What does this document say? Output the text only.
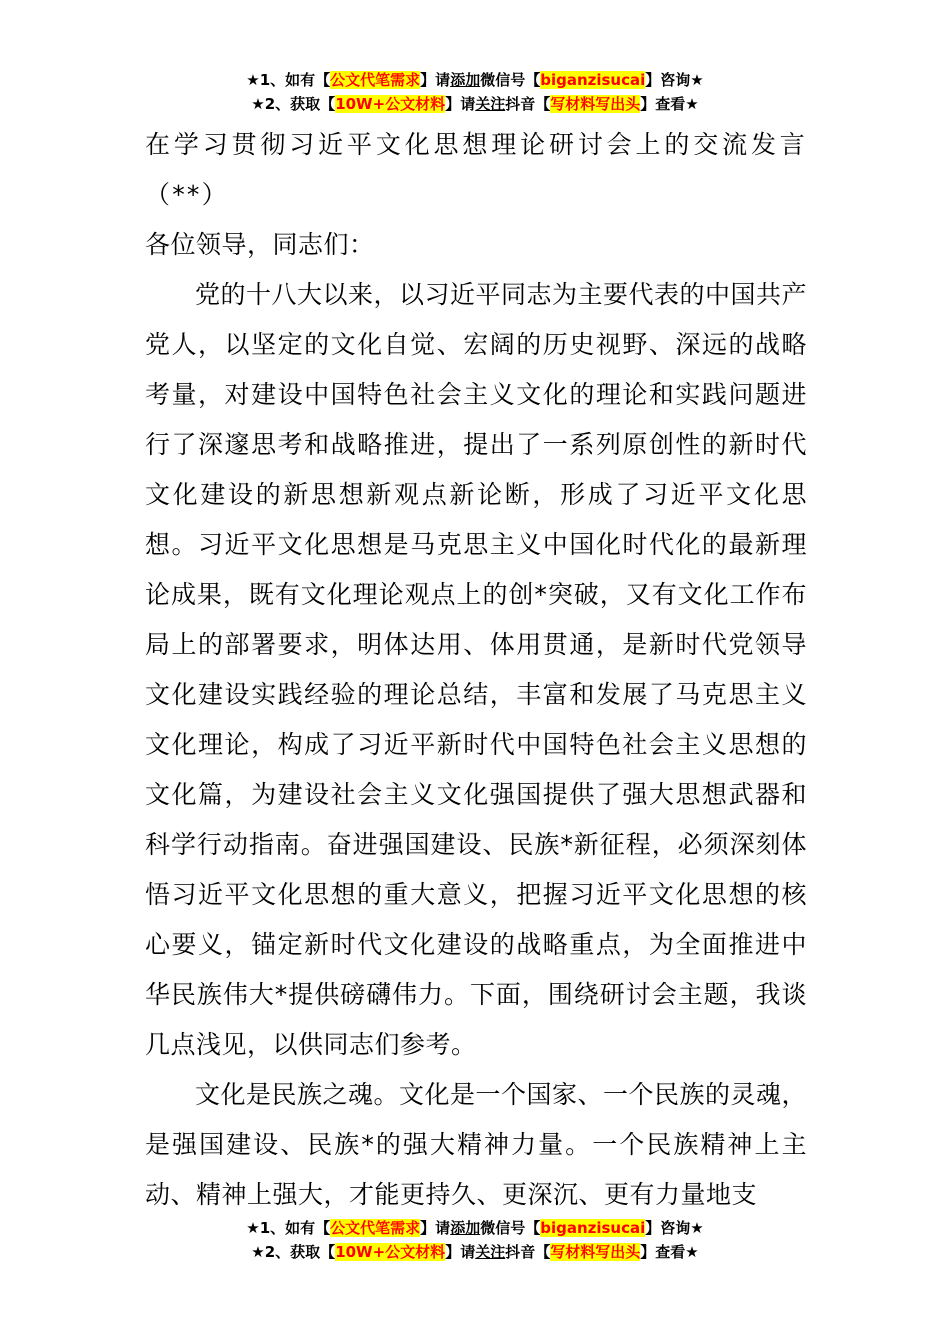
★1、如有【公文代笔需求】请添加微信号【biganzisucai】咨询★
★2、获取【10W+公文材料】请关注抖音【写材料写出头】查看★

在学习贯彻习近平文化思想理论研讨会上的交流发言（**）

各位领导，同志们：

党的十八大以来，以习近平同志为主要代表的中国共产党人，以坚定的文化自觉、宏阔的历史视野、深远的战略考量，对建设中国特色社会主义文化的理论和实践问题进行了深邃思考和战略推进，提出了一系列原创性的新时代文化建设的新思想新观点新论断，形成了习近平文化思想。习近平文化思想是马克思主义中国化时代化的最新理论成果，既有文化理论观点上的创*突破，又有文化工作布局上的部署要求，明体达用、体用贯通，是新时代党领导文化建设实践经验的理论总结，丰富和发展了马克思主义文化理论，构成了习近平新时代中国特色社会主义思想的文化篇，为建设社会主义文化强国提供了强大思想武器和科学行动指南。奋进强国建设、民族*新征程，必须深刻体悟习近平文化思想的重大意义，把握习近平文化思想的核心要义，锚定新时代文化建设的战略重点，为全面推进中华民族伟大*提供磅礴伟力。下面，围绕研讨会主题，我谈几点浅见，以供同志们参考。

文化是民族之魂。文化是一个国家、一个民族的灵魂，是强国建设、民族*的强大精神力量。一个民族精神上主动、精神上强大，才能更持久、更深沉、更有力量地支

★1、如有【公文代笔需求】请添加微信号【biganzisucai】咨询★
★2、获取【10W+公文材料】请关注抖音【写材料写出头】查看★
